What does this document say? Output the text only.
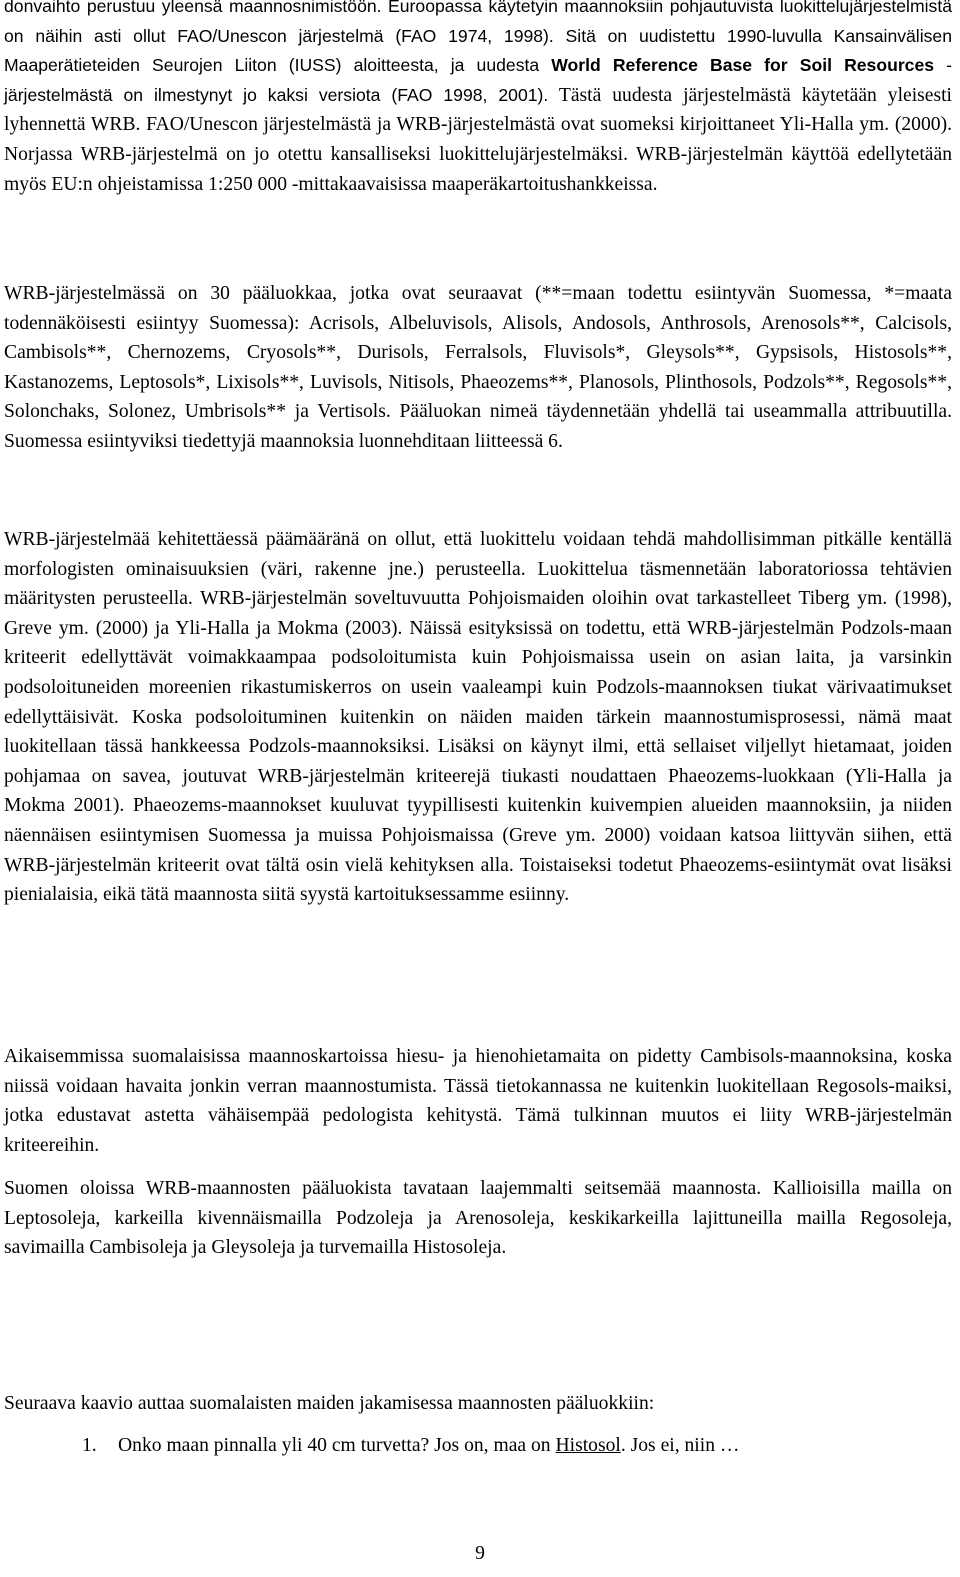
donvaihto perustuu yleensä maannosnimistöön. Euroopassa käytetyin maannoksiin pohjautuvista luokittelujärjestelmistä on näihin asti ollut FAO/Unescon järjestelmä (FAO 1974, 1998). Sitä on uudistettu 1990-luvulla Kansainvälisen Maaperätieteiden Seurojen Liiton (IUSS) aloitteesta, ja uudesta World Reference Base for Soil Resources -järjestelmästä on ilmestynyt jo kaksi versiota (FAO 1998, 2001). Tästä uudesta järjestelmästä käytetään yleisesti lyhennettä WRB. FAO/Unescon järjestelmästä ja WRB-järjestelmästä ovat suomeksi kirjoittaneet Yli-Halla ym. (2000). Norjassa WRB-järjestelmä on jo otettu kansalliseksi luokittelujärjestelmäksi. WRB-järjestelmän käyttöä edellytetään myös EU:n ohjeistamissa 1:250 000 -mittakaavaisissa maaperäkartoitushankkeissa.

WRB-järjestelmässä on 30 pääluokkaa, jotka ovat seuraavat (**=maan todettu esiintyvän Suomessa, *=maata todennäköisesti esiintyy Suomessa): Acrisols, Albeluvisols, Alisols, Andosols, Anthrosols, Arenosols**, Calcisols, Cambisols**, Chernozems, Cryosols**, Durisols, Ferralsols, Fluvisols*, Gleysols**, Gypsisols, Histosols**, Kastanozems, Leptosols*, Lixisols**, Luvisols, Nitisols, Phaeozems**, Planosols, Plinthosols, Podzols**, Regosols**, Solonchaks, Solonez, Umbrisols** ja Vertisols. Pääluokan nimeä täydennetään yhdellä tai useammalla attribuutilla. Suomessa esiintyviksi tiedettyjä maannoksia luonnehditaan liitteessä 6.

WRB-järjestelmää kehitettäessä päämääränä on ollut, että luokittelu voidaan tehdä mahdollisimman pitkälle kentällä morfologisten ominaisuuksien (väri, rakenne jne.) perusteella. Luokittelua täsmennetään laboratoriossa tehtävien määritysten perusteella. WRB-järjestelmän soveltuvuutta Pohjoismaiden oloihin ovat tarkastelleet Tiberg ym. (1998), Greve ym. (2000) ja Yli-Halla ja Mokma (2003). Näissä esityksissä on todettu, että WRB-järjestelmän Podzols-maan kriteerit edellyttävät voimakkaampaa podsoloitumista kuin Pohjoismaissa usein on asian laita, ja varsinkin podsoloituneiden moreenien rikastumiskerros on usein vaaleampi kuin Podzols-maannoksen tiukat värivaatimukset edellyttäisivät. Koska podsoloituminen kuitenkin on näiden maiden tärkein maannostumisprosessi, nämä maat luokitellaan tässä hankkeessa Podzols-maannoksiksi. Lisäksi on käynyt ilmi, että sellaiset viljellyt hietamaat, joiden pohjamaa on savea, joutuvat WRB-järjestelmän kriteerejä tiukasti noudattaen Phaeozems-luokkaan (Yli-Halla ja Mokma 2001). Phaeozems-maannokset kuuluvat tyypillisesti kuitenkin kuivempien alueiden maannoksiin, ja niiden näennäisen esiintymisen Suomessa ja muissa Pohjoismaissa (Greve ym. 2000) voidaan katsoa liittyvän siihen, että WRB-järjestelmän kriteerit ovat tältä osin vielä kehityksen alla. Toistaiseksi todetut Phaeozems-esiintymät ovat lisäksi pienialaisia, eikä tätä maannosta siitä syystä kartoituksessamme esiinny.

Aikaisemmissa suomalaisissa maannoskartoissa hiesu- ja hienohietamaita on pidetty Cambisols-maannoksina, koska niissä voidaan havaita jonkin verran maannostumista. Tässä tietokannassa ne kuitenkin luokitellaan Regosols-maiksi, jotka edustavat astetta vähäisempää pedologista kehitystä. Tämä tulkinnan muutos ei liity WRB-järjestelmän kriteereihin.

Suomen oloissa WRB-maannosten pääluokista tavataan laajemmalti seitsemää maannosta. Kallioisilla mailla on Leptosoleja, karkeilla kivennäismailla Podzoleja ja Arenosoleja, keskikarkeilla lajittuneilla mailla Regosoleja, savimailla Cambisoleja ja Gleysoleja ja turvemailla Histosoleja.

Seuraava kaavio auttaa suomalaisten maiden jakamisessa maannosten pääluokkiin:

1.	Onko maan pinnalla yli 40 cm turvetta? Jos on, maa on Histosol. Jos ei, niin …
9
